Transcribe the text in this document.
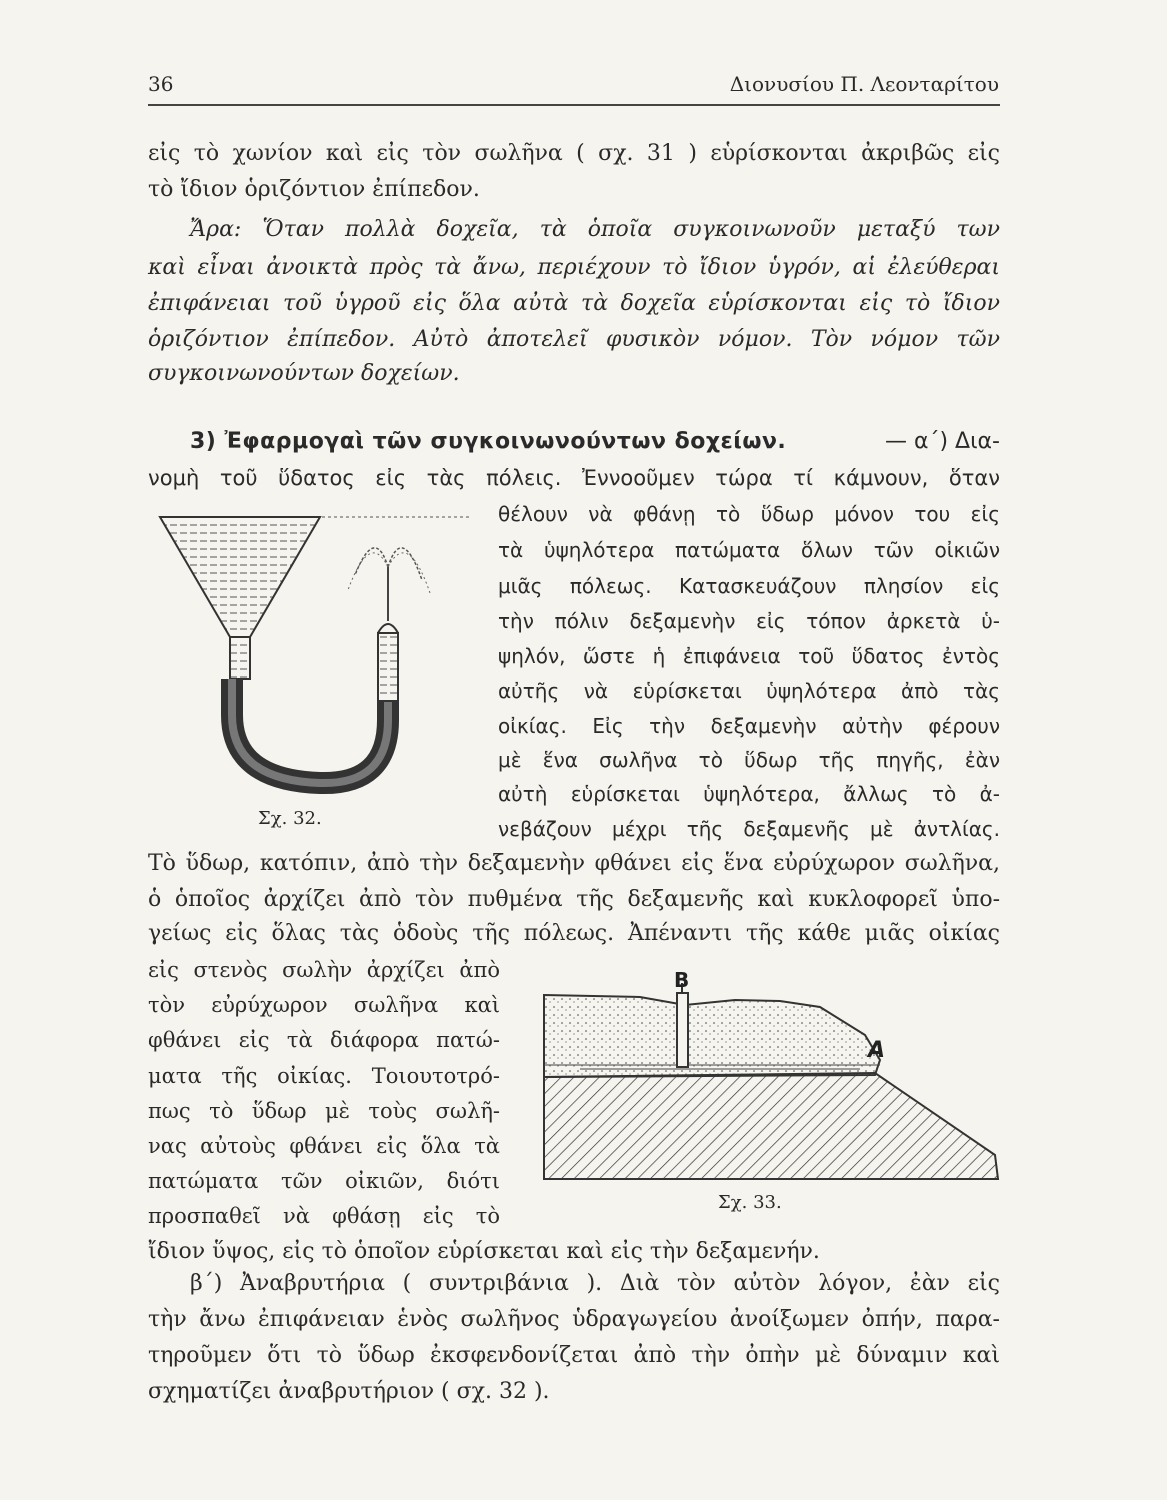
36	Διονυσίου Π. Λεονταρίτου
εἰς τὸ χωνίον καὶ εἰς τὸν σωλῆνα ( σχ. 31 ) εὑρίσκονται ἀκριβῶς εἰς
τὸ ἴδιον ὁριζόντιον ἐπίπεδον.
Ἄρα: Ὅταν πολλὰ δοχεῖα, τὰ ὁποῖα συγκοινωνοῦν μεταξύ των
καὶ εἶναι ἀνοικτὰ πρὸς τὰ ἄνω, περιέχουν τὸ ἴδιον ὑγρόν, αἱ ἐλεύθεραι
ἐπιφάνειαι τοῦ ὑγροῦ εἰς ὅλα αὐτὰ τὰ δοχεῖα εὑρίσκονται εἰς τὸ ἴδιον
ὁριζόντιον ἐπίπεδον. Αὐτὸ ἀποτελεῖ φυσικὸν νόμον. Τὸν νόμον τῶν
συγκοινωνούντων δοχείων.
3) Ἐφαρμογαὶ τῶν συγκοινωνούντων δοχείων.	— α΄) Δια-
νομὴ τοῦ ὕδατος εἰς τὰς πόλεις. Ἐννοοῦμεν τώρα τί κάμνουν, ὅταν
θέλουν νὰ φθάνῃ τὸ ὕδωρ μόνον του εἰς
τὰ ὑψηλότερα πατώματα ὅλων τῶν οἰκιῶν
μιᾶς πόλεως. Κατασκευάζουν πλησίον εἰς
τὴν πόλιν δεξαμενὴν εἰς τόπον ἀρκετὰ ὑ-
ψηλόν, ὥστε ἡ ἐπιφάνεια τοῦ ὕδατος ἐντὸς
αὐτῆς νὰ εὑρίσκεται ὑψηλότερα ἀπὸ τὰς
οἰκίας. Εἰς τὴν δεξαμενὴν αὐτὴν φέρουν
μὲ ἕνα σωλῆνα τὸ ὕδωρ τῆς πηγῆς, ἐὰν
αὐτὴ εὑρίσκεται ὑψηλότερα, ἄλλως τὸ ἀ-
νεβάζουν μέχρι τῆς δεξαμενῆς μὲ ἀντλίας.
Σχ. 32.
Τὸ ὕδωρ, κατόπιν, ἀπὸ τὴν δεξαμενὴν φθάνει εἰς ἕνα εὐρύχωρον σωλῆνα,
ὁ ὁποῖος ἀρχίζει ἀπὸ τὸν πυθμένα τῆς δεξαμενῆς καὶ κυκλοφορεῖ ὑπο-
γείως εἰς ὅλας τὰς ὁδοὺς τῆς πόλεως. Ἀπέναντι τῆς κάθε μιᾶς οἰκίας
εἰς στενὸς σωλὴν ἀρχίζει ἀπὸ
τὸν εὐρύχωρον σωλῆνα καὶ
φθάνει εἰς τὰ διάφορα πατώ-
ματα τῆς οἰκίας. Τοιουτοτρό-
πως τὸ ὕδωρ μὲ τοὺς σωλῆ-
νας αὐτοὺς φθάνει εἰς ὅλα τὰ
πατώματα τῶν οἰκιῶν, διότι
προσπαθεῖ νὰ φθάσῃ εἰς τὸ
B
A
Σχ. 33.
ἴδιον ὕψος, εἰς τὸ ὁποῖον εὑρίσκεται καὶ εἰς τὴν δεξαμενήν.
β΄) Ἀναβρυτήρια ( συντριβάνια ). Διὰ τὸν αὐτὸν λόγον, ἐὰν εἰς
τὴν ἄνω ἐπιφάνειαν ἑνὸς σωλῆνος ὑδραγωγείου ἀνοίξωμεν ὀπήν, παρα-
τηροῦμεν ὅτι τὸ ὕδωρ ἐκσφενδονίζεται ἀπὸ τὴν ὀπὴν μὲ δύναμιν καὶ
σχηματίζει ἀναβρυτήριον ( σχ. 32 ).
